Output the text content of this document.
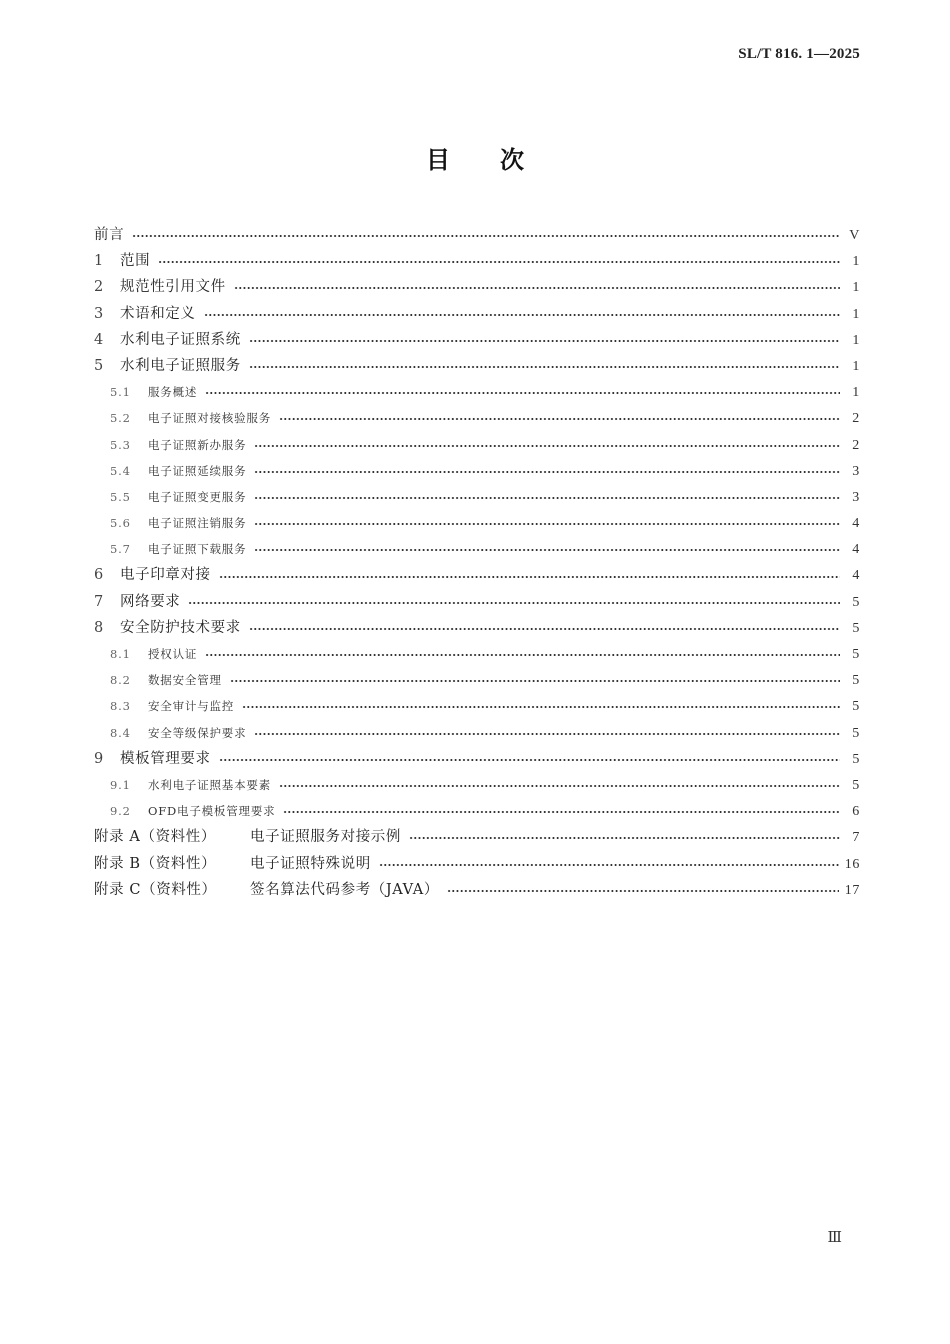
SL/T 816. 1—2025
目次
前言	V
1	范围	1
2	规范性引用文件	1
3	术语和定义	1
4	水利电子证照系统	1
5	水利电子证照服务	1
5.1	服务概述	1
5.2	电子证照对接核验服务	2
5.3	电子证照新办服务	2
5.4	电子证照延续服务	3
5.5	电子证照变更服务	3
5.6	电子证照注销服务	4
5.7	电子证照下载服务	4
6	电子印章对接	4
7	网络要求	5
8	安全防护技术要求	5
8.1	授权认证	5
8.2	数据安全管理	5
8.3	安全审计与监控	5
8.4	安全等级保护要求	5
9	模板管理要求	5
9.1	水利电子证照基本要素	5
9.2	OFD电子模板管理要求	6
附录 A（资料性）	电子证照服务对接示例	7
附录 B（资料性）	电子证照特殊说明	16
附录 C（资料性）	签名算法代码参考（JAVA）	17
Ⅲ
